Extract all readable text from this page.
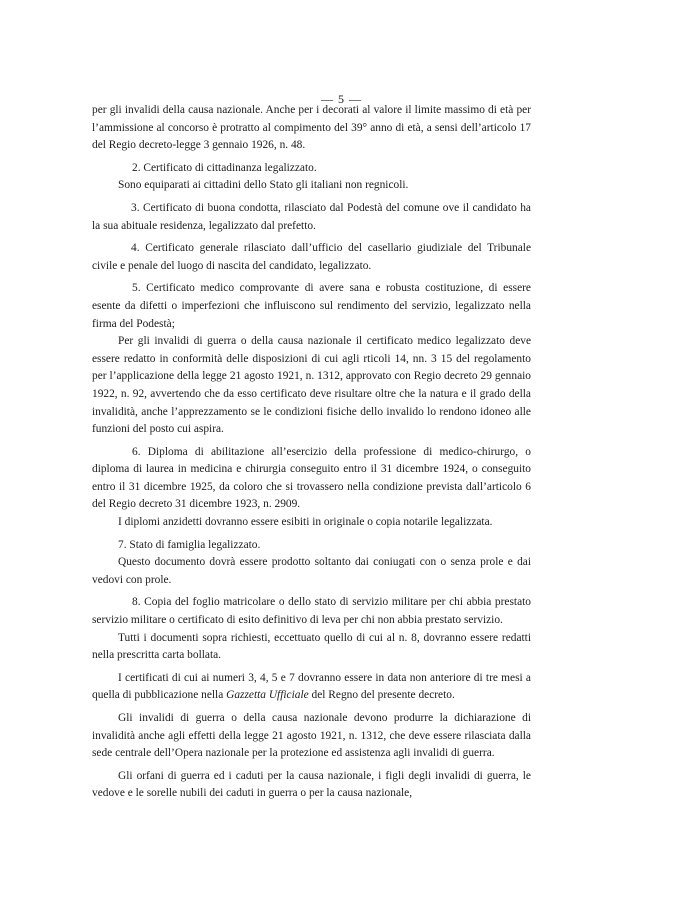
— 5 —

per gli invalidi della causa nazionale. Anche per i decorati al valore il limite massimo di età per l’ammissione al concorso è protratto al compimento del 39° anno di età, a sensi dell’articolo 17 del Regio decreto-legge 3 gennaio 1926, n. 48.

2. Certificato di cittadinanza legalizzato.

Sono equiparati ai cittadini dello Stato gli italiani non regnicoli.

3. Certificato di buona condotta, rilasciato dal Podestà del comune ove il candidato ha la sua abituale residenza, legalizzato dal prefetto.

4. Certificato generale rilasciato dall’ufficio del casellario giudiziale del Tribunale civile e penale del luogo di nascita del candidato, legalizzato.

5. Certificato medico comprovante di avere sana e robusta costituzione, di essere esente da difetti o imperfezioni che influiscono sul rendimento del servizio, legalizzato nella firma del Podestà;

Per gli invalidi di guerra o della causa nazionale il certificato medico legalizzato deve essere redatto in conformità delle disposizioni di cui agli rticoli 14, nn. 3 15 del regolamento per l’applicazione della legge 21 agosto 1921, n. 1312, approvato con Regio decreto 29 gennaio 1922, n. 92, avvertendo che da esso certificato deve risultare oltre che la natura e il grado della invalidità, anche l’apprezzamento se le condizioni fisiche dello invalido lo rendono idoneo alle funzioni del posto cui aspira.

6. Diploma di abilitazione all’esercizio della professione di medico-chirurgo, o diploma di laurea in medicina e chirurgia conseguito entro il 31 dicembre 1924, o conseguito entro il 31 dicembre 1925, da coloro che si trovassero nella condizione prevista dall’articolo 6 del Regio decreto 31 dicembre 1923, n. 2909.

I diplomi anzidetti dovranno essere esibiti in originale o copia notarile legalizzata.

7. Stato di famiglia legalizzato.

Questo documento dovrà essere prodotto soltanto dai coniugati con o senza prole e dai vedovi con prole.

8. Copia del foglio matricolare o dello stato di servizio militare per chi abbia prestato servizio militare o certificato di esito definitivo di leva per chi non abbia prestato servizio.

Tutti i documenti sopra richiesti, eccettuato quello di cui al n. 8, dovranno essere redatti nella prescritta carta bollata.

I certificati di cui ai numeri 3, 4, 5 e 7 dovranno essere in data non anteriore di tre mesi a quella di pubblicazione nella Gazzetta Ufficiale del Regno del presente decreto.

Gli invalidi di guerra o della causa nazionale devono produrre la dichiarazione di invalidità anche agli effetti della legge 21 agosto 1921, n. 1312, che deve essere rilasciata dalla sede centrale dell’Opera nazionale per la protezione ed assistenza agli invalidi di guerra.

Gli orfani di guerra ed i caduti per la causa nazionale, i figli degli invalidi di guerra, le vedove e le sorelle nubili dei caduti in guerra o per la causa nazionale,
